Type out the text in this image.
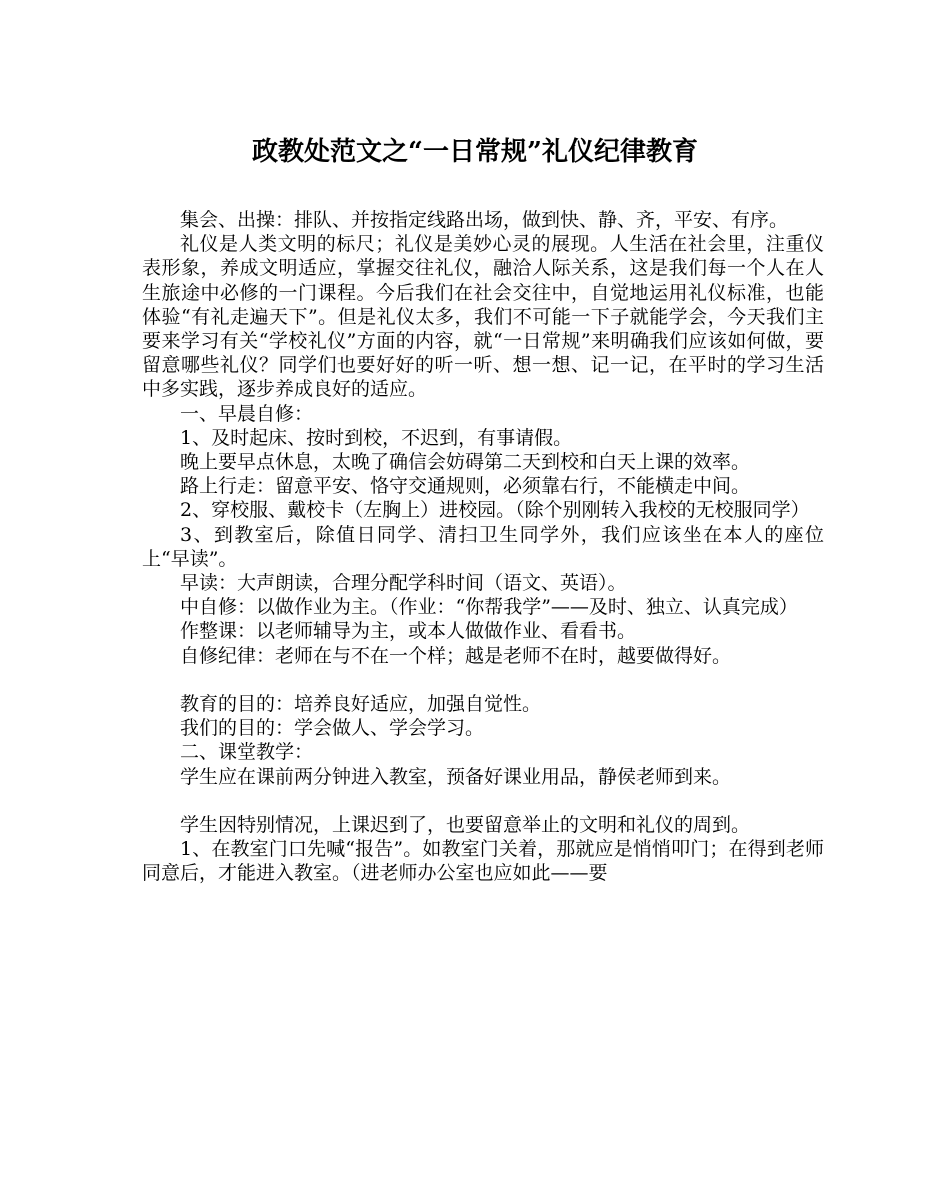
政教处范文之“一日常规”礼仪纪律教育

集会、出操：排队、并按指定线路出场，做到快、静、齐，平安、有序。

礼仪是人类文明的标尺；礼仪是美妙心灵的展现。人生活在社会里，注重仪表形象，养成文明适应，掌握交往礼仪，融洽人际关系，这是我们每一个人在人生旅途中必修的一门课程。今后我们在社会交往中，自觉地运用礼仪标准，也能体验“有礼走遍天下”。但是礼仪太多，我们不可能一下子就能学会，今天我们主要来学习有关“学校礼仪”方面的内容，就“一日常规”来明确我们应该如何做，要留意哪些礼仪？同学们也要好好的听一听、想一想、记一记，在平时的学习生活中多实践，逐步养成良好的适应。

一、早晨自修：

1、及时起床、按时到校，不迟到，有事请假。

晚上要早点休息，太晚了确信会妨碍第二天到校和白天上课的效率。

路上行走：留意平安、恪守交通规则，必须靠右行，不能横走中间。

2、穿校服、戴校卡（左胸上）进校园。（除个别刚转入我校的无校服同学）

3、到教室后，除值日同学、清扫卫生同学外，我们应该坐在本人的座位上“早读”。

早读：大声朗读，合理分配学科时间（语文、英语）。

中自修：以做作业为主。（作业：“你帮我学”——及时、独立、认真完成）

作整课：以老师辅导为主，或本人做做作业、看看书。

自修纪律：老师在与不在一个样；越是老师不在时，越要做得好。

教育的目的：培养良好适应，加强自觉性。

我们的目的：学会做人、学会学习。

二、课堂教学：

学生应在课前两分钟进入教室，预备好课业用品，静侯老师到来。

学生因特别情况，上课迟到了，也要留意举止的文明和礼仪的周到。

1、在教室门口先喊“报告”。如教室门关着，那就应是悄悄叩门；在得到老师同意后，才能进入教室。（进老师办公室也应如此——要
